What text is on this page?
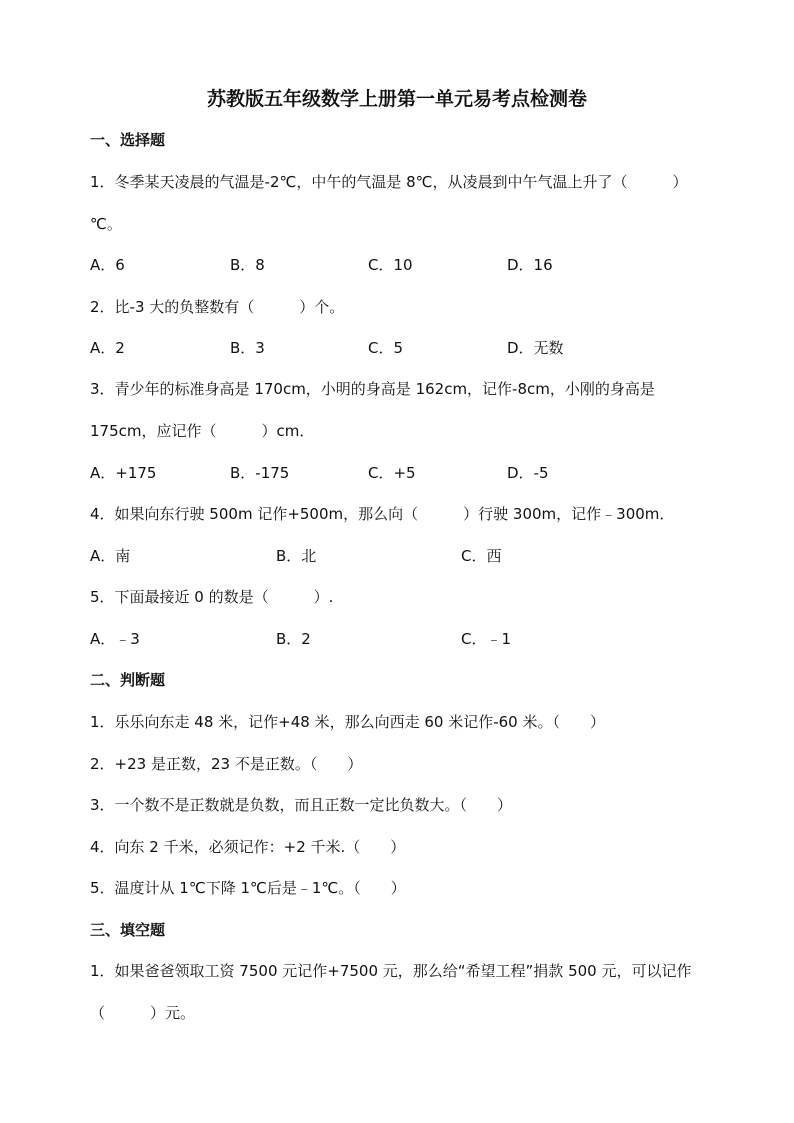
苏教版五年级数学上册第一单元易考点检测卷
一、选择题
1．冬季某天凌晨的气温是-2℃，中午的气温是 8℃，从凌晨到中午气温上升了（　　　）
℃。
A．6	B．8	C．10	D．16
2．比-3 大的负整数有（　　　）个。
A．2	B．3	C．5	D．无数
3．青少年的标准身高是 170cm，小明的身高是 162cm，记作-8cm，小刚的身高是
175cm，应记作（　　　）cm．
A．+175	B．-175	C．+5	D．-5
4．如果向东行驶 500m 记作+500m，那么向（　　　）行驶 300m，记作﹣300m．
A．南	B．北	C．西
5．下面最接近 0 的数是（　　　）.
A．﹣3	B．2	C．﹣1
二、判断题
1．乐乐向东走 48 米，记作+48 米，那么向西走 60 米记作-60 米。（　　）
2．+23 是正数，23 不是正数。（　　）
3．一个数不是正数就是负数，而且正数一定比负数大。（　　）
4．向东 2 千米，必须记作：+2 千米.（　　）
5．温度计从 1℃下降 1℃后是﹣1℃。（　　）
三、填空题
1．如果爸爸领取工资 7500 元记作+7500 元，那么给“希望工程”捐款 500 元，可以记作
（　　　）元。
